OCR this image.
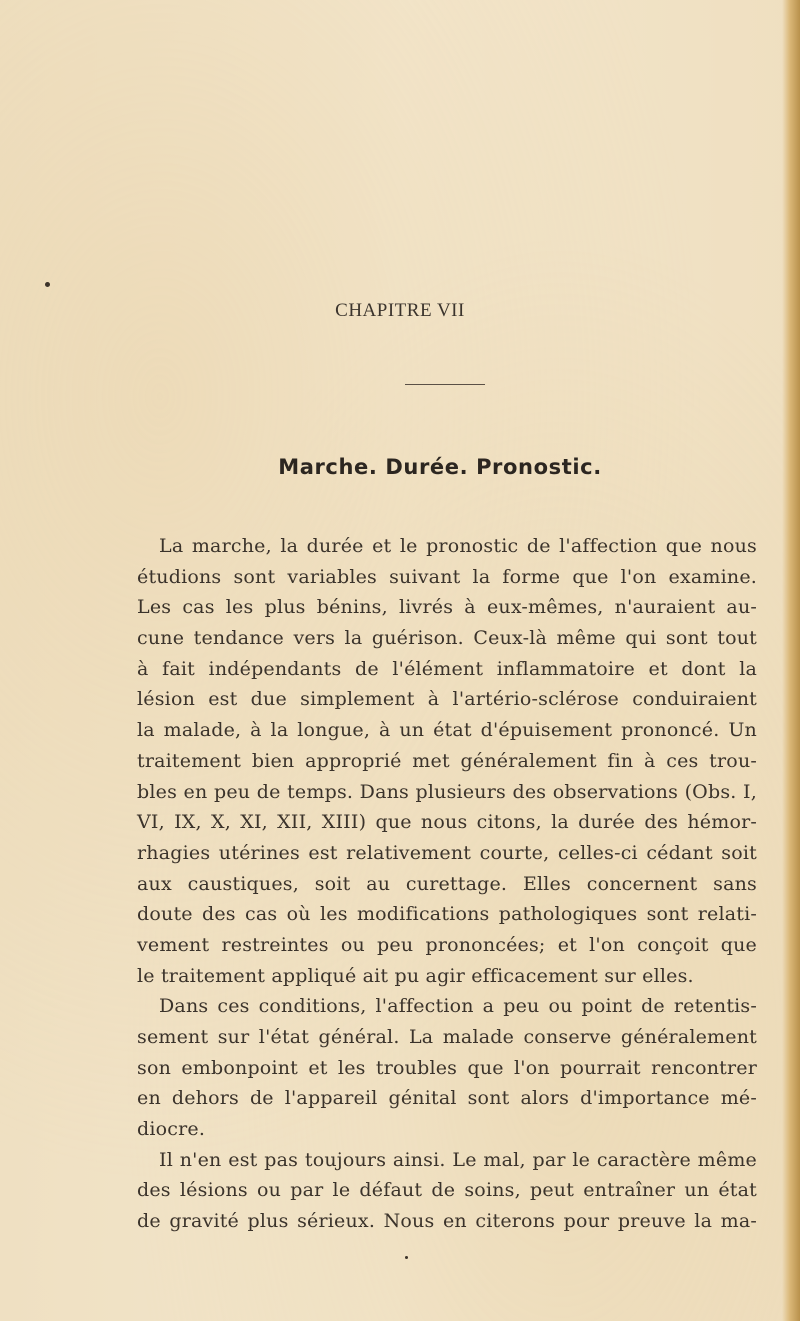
CHAPITRE VII
Marche. Durée. Pronostic.
La marche, la durée et le pronostic de l'affection que nous
étudions sont variables suivant la forme que l'on examine.
Les cas les plus bénins, livrés à eux-mêmes, n'auraient au-
cune tendance vers la guérison. Ceux-là même qui sont tout
à fait indépendants de l'élément inflammatoire et dont la
lésion est due simplement à l'artério-sclérose conduiraient
la malade, à la longue, à un état d'épuisement prononcé. Un
traitement bien approprié met généralement fin à ces trou-
bles en peu de temps. Dans plusieurs des observations (Obs. I,
VI, IX, X, XI, XII, XIII) que nous citons, la durée des hémor-
rhagies utérines est relativement courte, celles-ci cédant soit
aux caustiques, soit au curettage. Elles concernent sans
doute des cas où les modifications pathologiques sont relati-
vement restreintes ou peu prononcées; et l'on conçoit que
le traitement appliqué ait pu agir efficacement sur elles.
Dans ces conditions, l'affection a peu ou point de retentis-
sement sur l'état général. La malade conserve généralement
son embonpoint et les troubles que l'on pourrait rencontrer
en dehors de l'appareil génital sont alors d'importance mé-
diocre.
Il n'en est pas toujours ainsi. Le mal, par le caractère même
des lésions ou par le défaut de soins, peut entraîner un état
de gravité plus sérieux. Nous en citerons pour preuve la ma-
